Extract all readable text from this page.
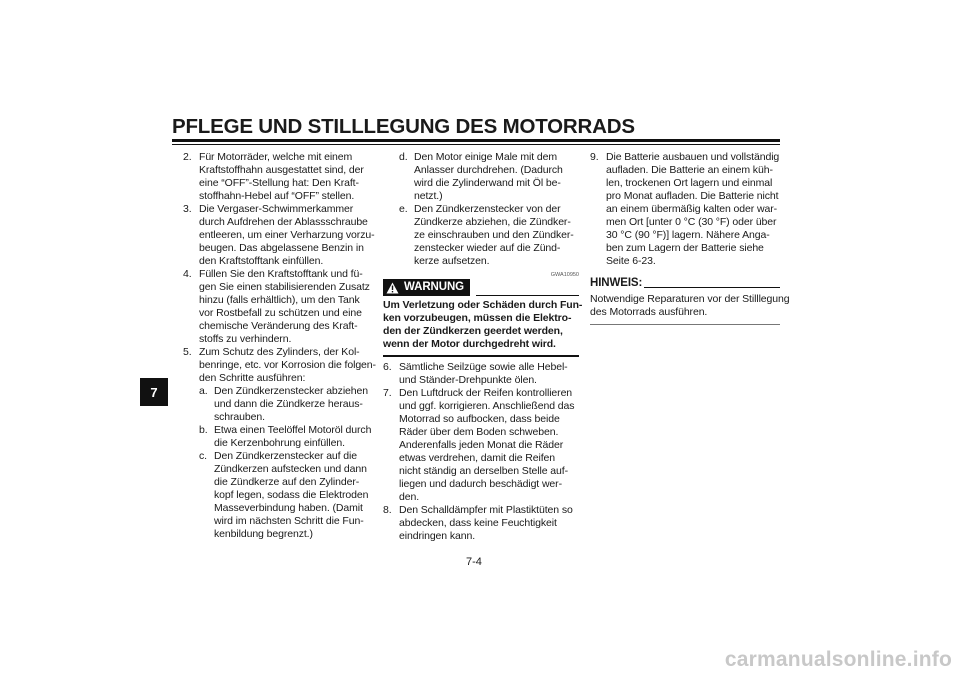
PFLEGE UND STILLLEGUNG DES MOTORRADS
7
2. Für Motorräder, welche mit einem
Kraftstoffhahn ausgestattet sind, der
eine “OFF”-Stellung hat: Den Kraft-
stoffhahn-Hebel auf “OFF” stellen.
3. Die Vergaser-Schwimmerkammer
durch Aufdrehen der Ablassschraube
entleeren, um einer Verharzung vorzu-
beugen. Das abgelassene Benzin in
den Kraftstofftank einfüllen.
4. Füllen Sie den Kraftstofftank und fü-
gen Sie einen stabilisierenden Zusatz
hinzu (falls erhältlich), um den Tank
vor Rostbefall zu schützen und eine
chemische Veränderung des Kraft-
stoffs zu verhindern.
5. Zum Schutz des Zylinders, der Kol-
benringe, etc. vor Korrosion die folgen-
den Schritte ausführen:
a. Den Zündkerzenstecker abziehen
und dann die Zündkerze heraus-
schrauben.
b. Etwa einen Teelöffel Motoröl durch
die Kerzenbohrung einfüllen.
c. Den Zündkerzenstecker auf die
Zündkerzen aufstecken und dann
die Zündkerze auf den Zylinder-
kopf legen, sodass die Elektroden
Masseverbindung haben. (Damit
wird im nächsten Schritt die Fun-
kenbildung begrenzt.)
d. Den Motor einige Male mit dem
Anlasser durchdrehen. (Dadurch
wird die Zylinderwand mit Öl be-
netzt.)
e. Den Zündkerzenstecker von der
Zündkerze abziehen, die Zündker-
ze einschrauben und den Zündker-
zenstecker wieder auf die Zünd-
kerze aufsetzen.
GWA10950
WARNUNG
Um Verletzung oder Schäden durch Fun-
ken vorzubeugen, müssen die Elektro-
den der Zündkerzen geerdet werden,
wenn der Motor durchgedreht wird.
6. Sämtliche Seilzüge sowie alle Hebel-
und Ständer-Drehpunkte ölen.
7. Den Luftdruck der Reifen kontrollieren
und ggf. korrigieren. Anschließend das
Motorrad so aufbocken, dass beide
Räder über dem Boden schweben.
Anderenfalls jeden Monat die Räder
etwas verdrehen, damit die Reifen
nicht ständig an derselben Stelle auf-
liegen und dadurch beschädigt wer-
den.
8. Den Schalldämpfer mit Plastiktüten so
abdecken, dass keine Feuchtigkeit
eindringen kann.
9. Die Batterie ausbauen und vollständig
aufladen. Die Batterie an einem küh-
len, trockenen Ort lagern und einmal
pro Monat aufladen. Die Batterie nicht
an einem übermäßig kalten oder war-
men Ort [unter 0 °C (30 °F) oder über
30 °C (90 °F)] lagern. Nähere Anga-
ben zum Lagern der Batterie siehe
Seite 6-23.
HINWEIS:
Notwendige Reparaturen vor der Stilllegung
des Motorrads ausführen.
7-4
carmanualsonline.info
